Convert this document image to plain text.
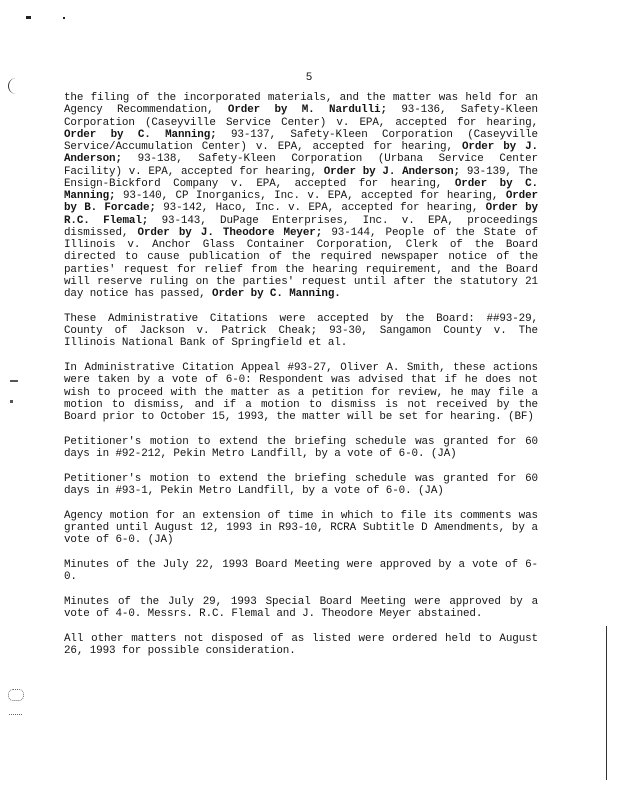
5

the filing of the incorporated materials, and the matter was held for an Agency Recommendation, Order by M. Nardulli; 93-136, Safety-Kleen Corporation (Caseyville Service Center) v. EPA, accepted for hearing, Order by C. Manning; 93-137, Safety-Kleen Corporation (Caseyville Service/Accumulation Center) v. EPA, accepted for hearing, Order by J. Anderson; 93-138, Safety-Kleen Corporation (Urbana Service Center Facility) v. EPA, accepted for hearing, Order by J. Anderson; 93-139, The Ensign-Bickford Company v. EPA, accepted for hearing, Order by C. Manning; 93-140, CP Inorganics, Inc. v. EPA, accepted for hearing, Order by B. Forcade; 93-142, Haco, Inc. v. EPA, accepted for hearing, Order by R.C. Flemal; 93-143, DuPage Enterprises, Inc. v. EPA, proceedings dismissed, Order by J. Theodore Meyer; 93-144, People of the State of Illinois v. Anchor Glass Container Corporation, Clerk of the Board directed to cause publication of the required newspaper notice of the parties' request for relief from the hearing requirement, and the Board will reserve ruling on the parties' request until after the statutory 21 day notice has passed, Order by C. Manning.

These Administrative Citations were accepted by the Board: ##93-29, County of Jackson v. Patrick Cheak; 93-30, Sangamon County v. The Illinois National Bank of Springfield et al.

In Administrative Citation Appeal #93-27, Oliver A. Smith, these actions were taken by a vote of 6-0: Respondent was advised that if he does not wish to proceed with the matter as a petition for review, he may file a motion to dismiss, and if a motion to dismiss is not received by the Board prior to October 15, 1993, the matter will be set for hearing. (BF)

Petitioner's motion to extend the briefing schedule was granted for 60 days in #92-212, Pekin Metro Landfill, by a vote of 6-0. (JA)

Petitioner's motion to extend the briefing schedule was granted for 60 days in #93-1, Pekin Metro Landfill, by a vote of 6-0. (JA)

Agency motion for an extension of time in which to file its comments was granted until August 12, 1993 in R93-10, RCRA Subtitle D Amendments, by a vote of 6-0. (JA)

Minutes of the July 22, 1993 Board Meeting were approved by a vote of 6-0.

Minutes of the July 29, 1993 Special Board Meeting were approved by a vote of 4-0. Messrs. R.C. Flemal and J. Theodore Meyer abstained.

All other matters not disposed of as listed were ordered held to August 26, 1993 for possible consideration.
